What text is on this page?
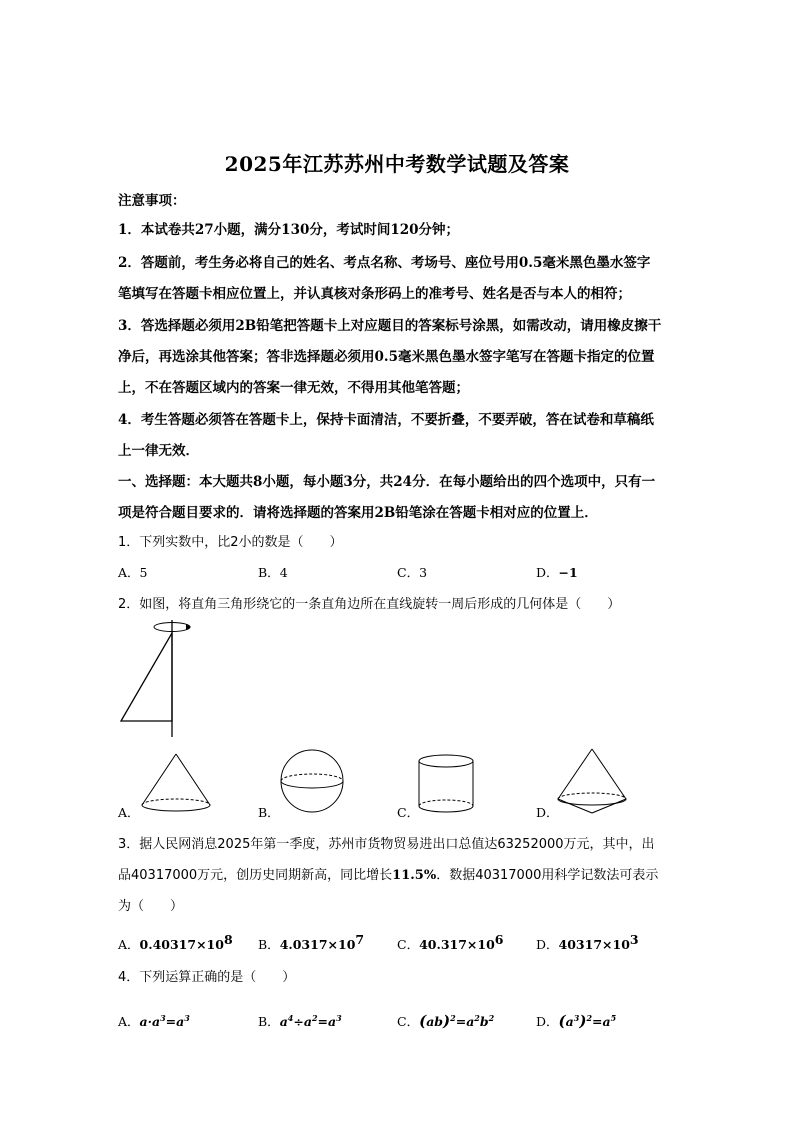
2025年江苏苏州中考数学试题及答案
注意事项：
1．本试卷共27小题，满分130分，考试时间120分钟；
2．答题前，考生务必将自己的姓名、考点名称、考场号、座位号用0.5毫米黑色墨水签字
笔填写在答题卡相应位置上，并认真核对条形码上的准考号、姓名是否与本人的相符；
3．答选择题必须用2B铅笔把答题卡上对应题目的答案标号涂黑，如需改动，请用橡皮擦干
净后，再选涂其他答案；答非选择题必须用0.5毫米黑色墨水签字笔写在答题卡指定的位置
上，不在答题区域内的答案一律无效，不得用其他笔答题；
4．考生答题必须答在答题卡上，保持卡面清洁，不要折叠，不要弄破，答在试卷和草稿纸
上一律无效．
一、选择题：本大题共8小题，每小题3分，共24分．在每小题给出的四个选项中，只有一
项是符合题目要求的．请将选择题的答案用2B铅笔涂在答题卡相对应的位置上．
1．下列实数中，比2小的数是（　　）
A．5	B．4	C．3	D．−1
2．如图，将直角三角形绕它的一条直角边所在直线旋转一周后形成的几何体是（　　）
A．	B．	C．	D．
3．据人民网消息2025年第一季度，苏州市货物贸易进出口总值达63252000万元，其中，出
品40317000万元，创历史同期新高，同比增长11.5%．数据40317000用科学记数法可表示
为（　　）
A．$0.40317\times 10^8$ B．$4.0317\times 10^7$	C．$40.317\times 10^6$	D．$40317\times 10^3$
4．下列运算正确的是（　　）
A．$a\cdot a^3=a^3$	B．$a^4\div a^2=a^3$	C．$(ab)^2=a^2b^2$	D．$(a^3)^2=a^5$
